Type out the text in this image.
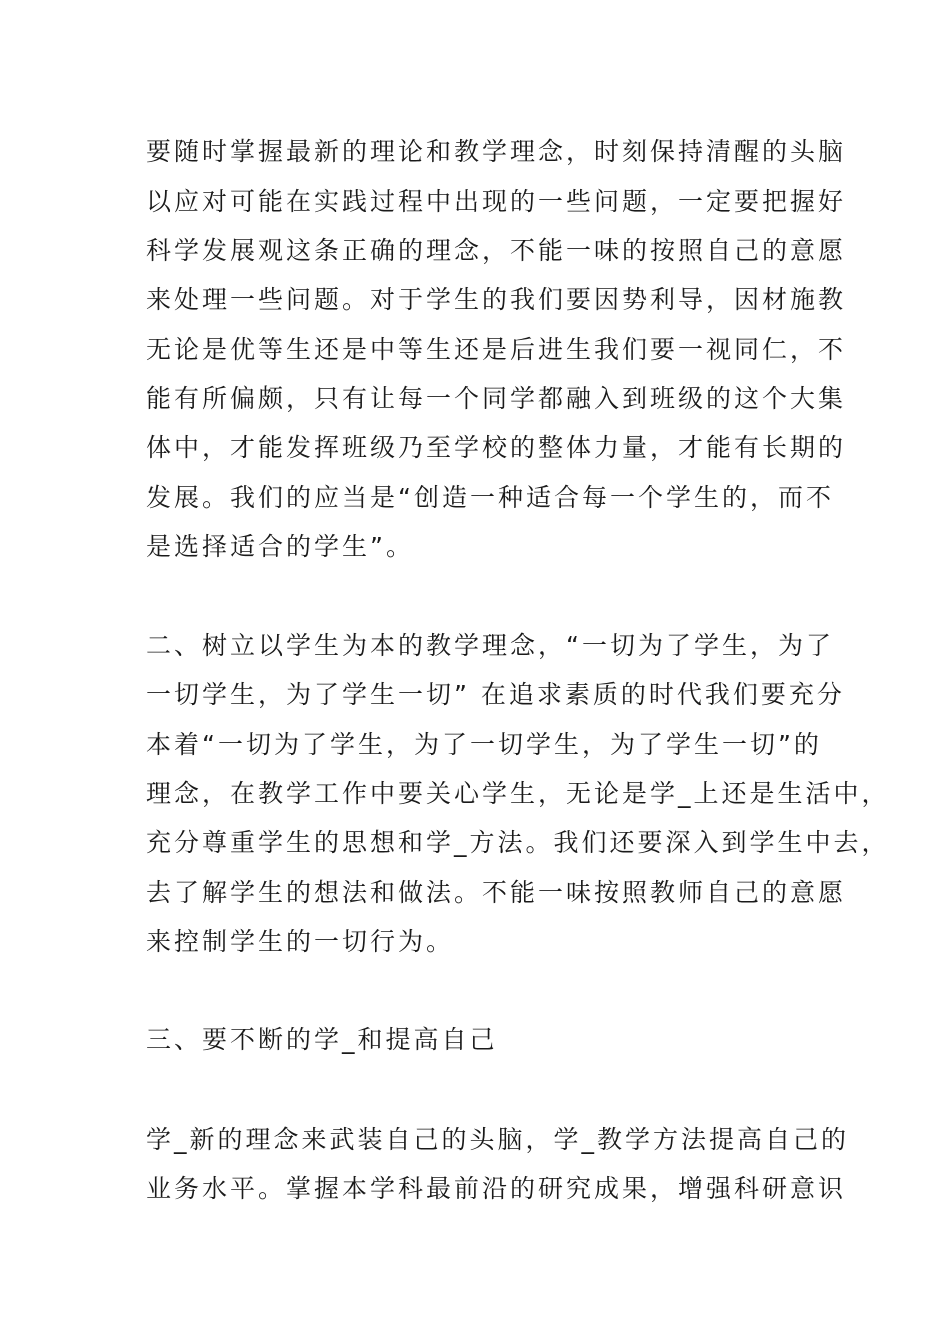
要随时掌握最新的理论和教学理念，时刻保持清醒的头脑
以应对可能在实践过程中出现的一些问题，一定要把握好
科学发展观这条正确的理念，不能一味的按照自己的意愿
来处理一些问题。对于学生的我们要因势利导，因材施教
无论是优等生还是中等生还是后进生我们要一视同仁，不
能有所偏颇，只有让每一个同学都融入到班级的这个大集
体中，才能发挥班级乃至学校的整体力量，才能有长期的
发展。我们的应当是“创造一种适合每一个学生的，而不
是选择适合的学生”。
二、树立以学生为本的教学理念，“一切为了学生，为了
一切学生，为了学生一切” 在追求素质的时代我们要充分
本着“一切为了学生，为了一切学生，为了学生一切”的
理念，在教学工作中要关心学生，无论是学_上还是生活中，
充分尊重学生的思想和学_方法。我们还要深入到学生中去，
去了解学生的想法和做法。不能一味按照教师自己的意愿
来控制学生的一切行为。
三、要不断的学_和提高自己
学_新的理念来武装自己的头脑，学_教学方法提高自己的
业务水平。掌握本学科最前沿的研究成果，增强科研意识
